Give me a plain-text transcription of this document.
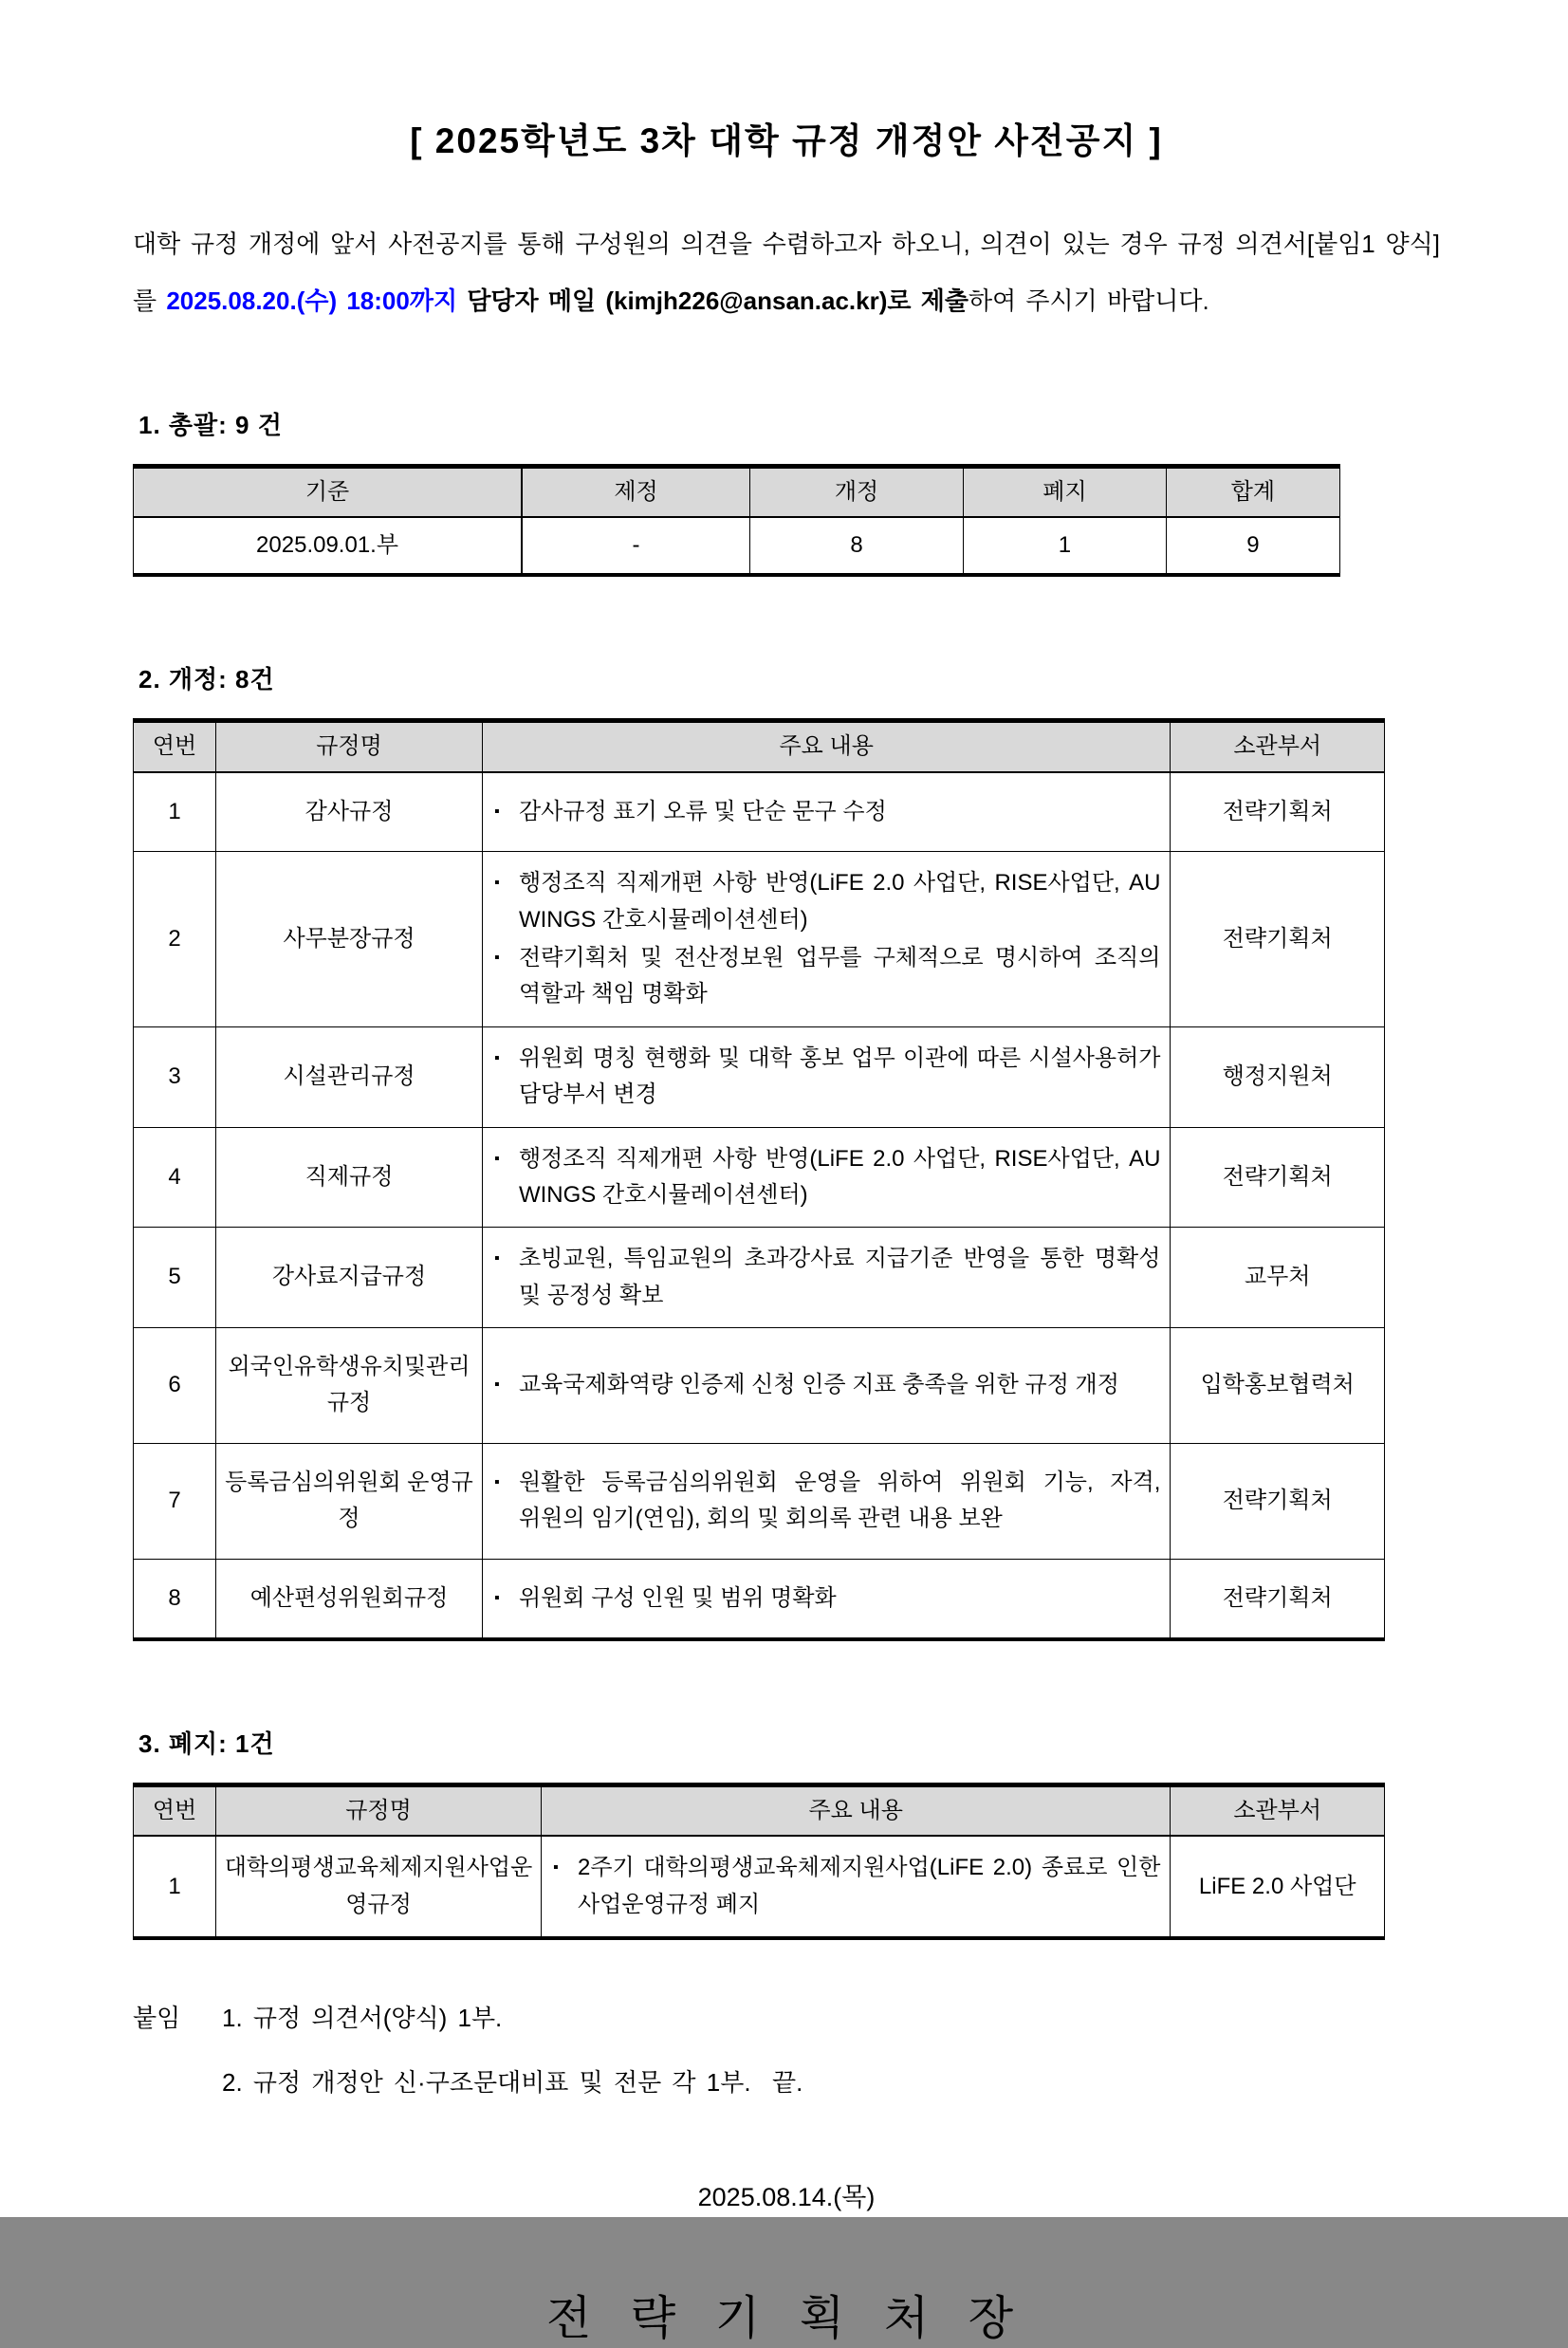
[ 2025학년도 3차 대학 규정 개정안 사전공지 ]

대학 규정 개정에 앞서 사전공지를 통해 구성원의 의견을 수렴하고자 하오니, 의견이 있는 경우 규정 의견서[붙임1 양식]를 2025.08.20.(수) 18:00까지 담당자 메일 (kimjh226@ansan.ac.kr)로 제출하여 주시기 바랍니다.

1. 총괄: 9 건
기준	제정	개정	폐지	합계
2025.09.01.부	-	8	1	9
2. 개정: 8건
연번	규정명	주요 내용	소관부서
1	감사규정	▪ 감사규정 표기 오류 및 단순 문구 수정	전략기획처
2	사무분장규정	▪ 행정조직 직제개편 사항 반영(LiFE 2.0 사업단, RISE사업단, AU WINGS 간호시뮬레이션센터)
▪ 전략기획처 및 전산정보원 업무를 구체적으로 명시하여 조직의 역할과 책임 명확화	전략기획처
3	시설관리규정	▪ 위원회 명칭 현행화 및 대학 홍보 업무 이관에 따른 시설사용허가 담당부서 변경	행정지원처
4	직제규정	▪ 행정조직 직제개편 사항 반영(LiFE 2.0 사업단, RISE사업단, AU WINGS 간호시뮬레이션센터)	전략기획처
5	강사료지급규정	▪ 초빙교원, 특임교원의 초과강사료 지급기준 반영을 통한 명확성 및 공정성 확보	교무처
6	외국인유학생유치및관리규정	▪ 교육국제화역량 인증제 신청 인증 지표 충족을 위한 규정 개정	입학홍보협력처
7	등록금심의위원회 운영규정	▪ 원활한 등록금심의위원회 운영을 위하여 위원회 기능, 자격, 위원의 임기(연임), 회의 및 회의록 관련 내용 보완	전략기획처
8	예산편성위원회규정	▪ 위원회 구성 인원 및 범위 명확화	전략기획처
3. 폐지: 1건
연번	규정명	주요 내용	소관부서
1	대학의평생교육체제지원사업운영규정	▪ 2주기 대학의평생교육체제지원사업(LiFE 2.0) 종료로 인한 사업운영규정 폐지	LiFE 2.0 사업단
붙임	1. 규정 의견서(양식) 1부.
2. 규정 개정안 신·구조문대비표 및 전문 각 1부.  끝.
2025.08.14.(목)
전 략 기 획 처 장
